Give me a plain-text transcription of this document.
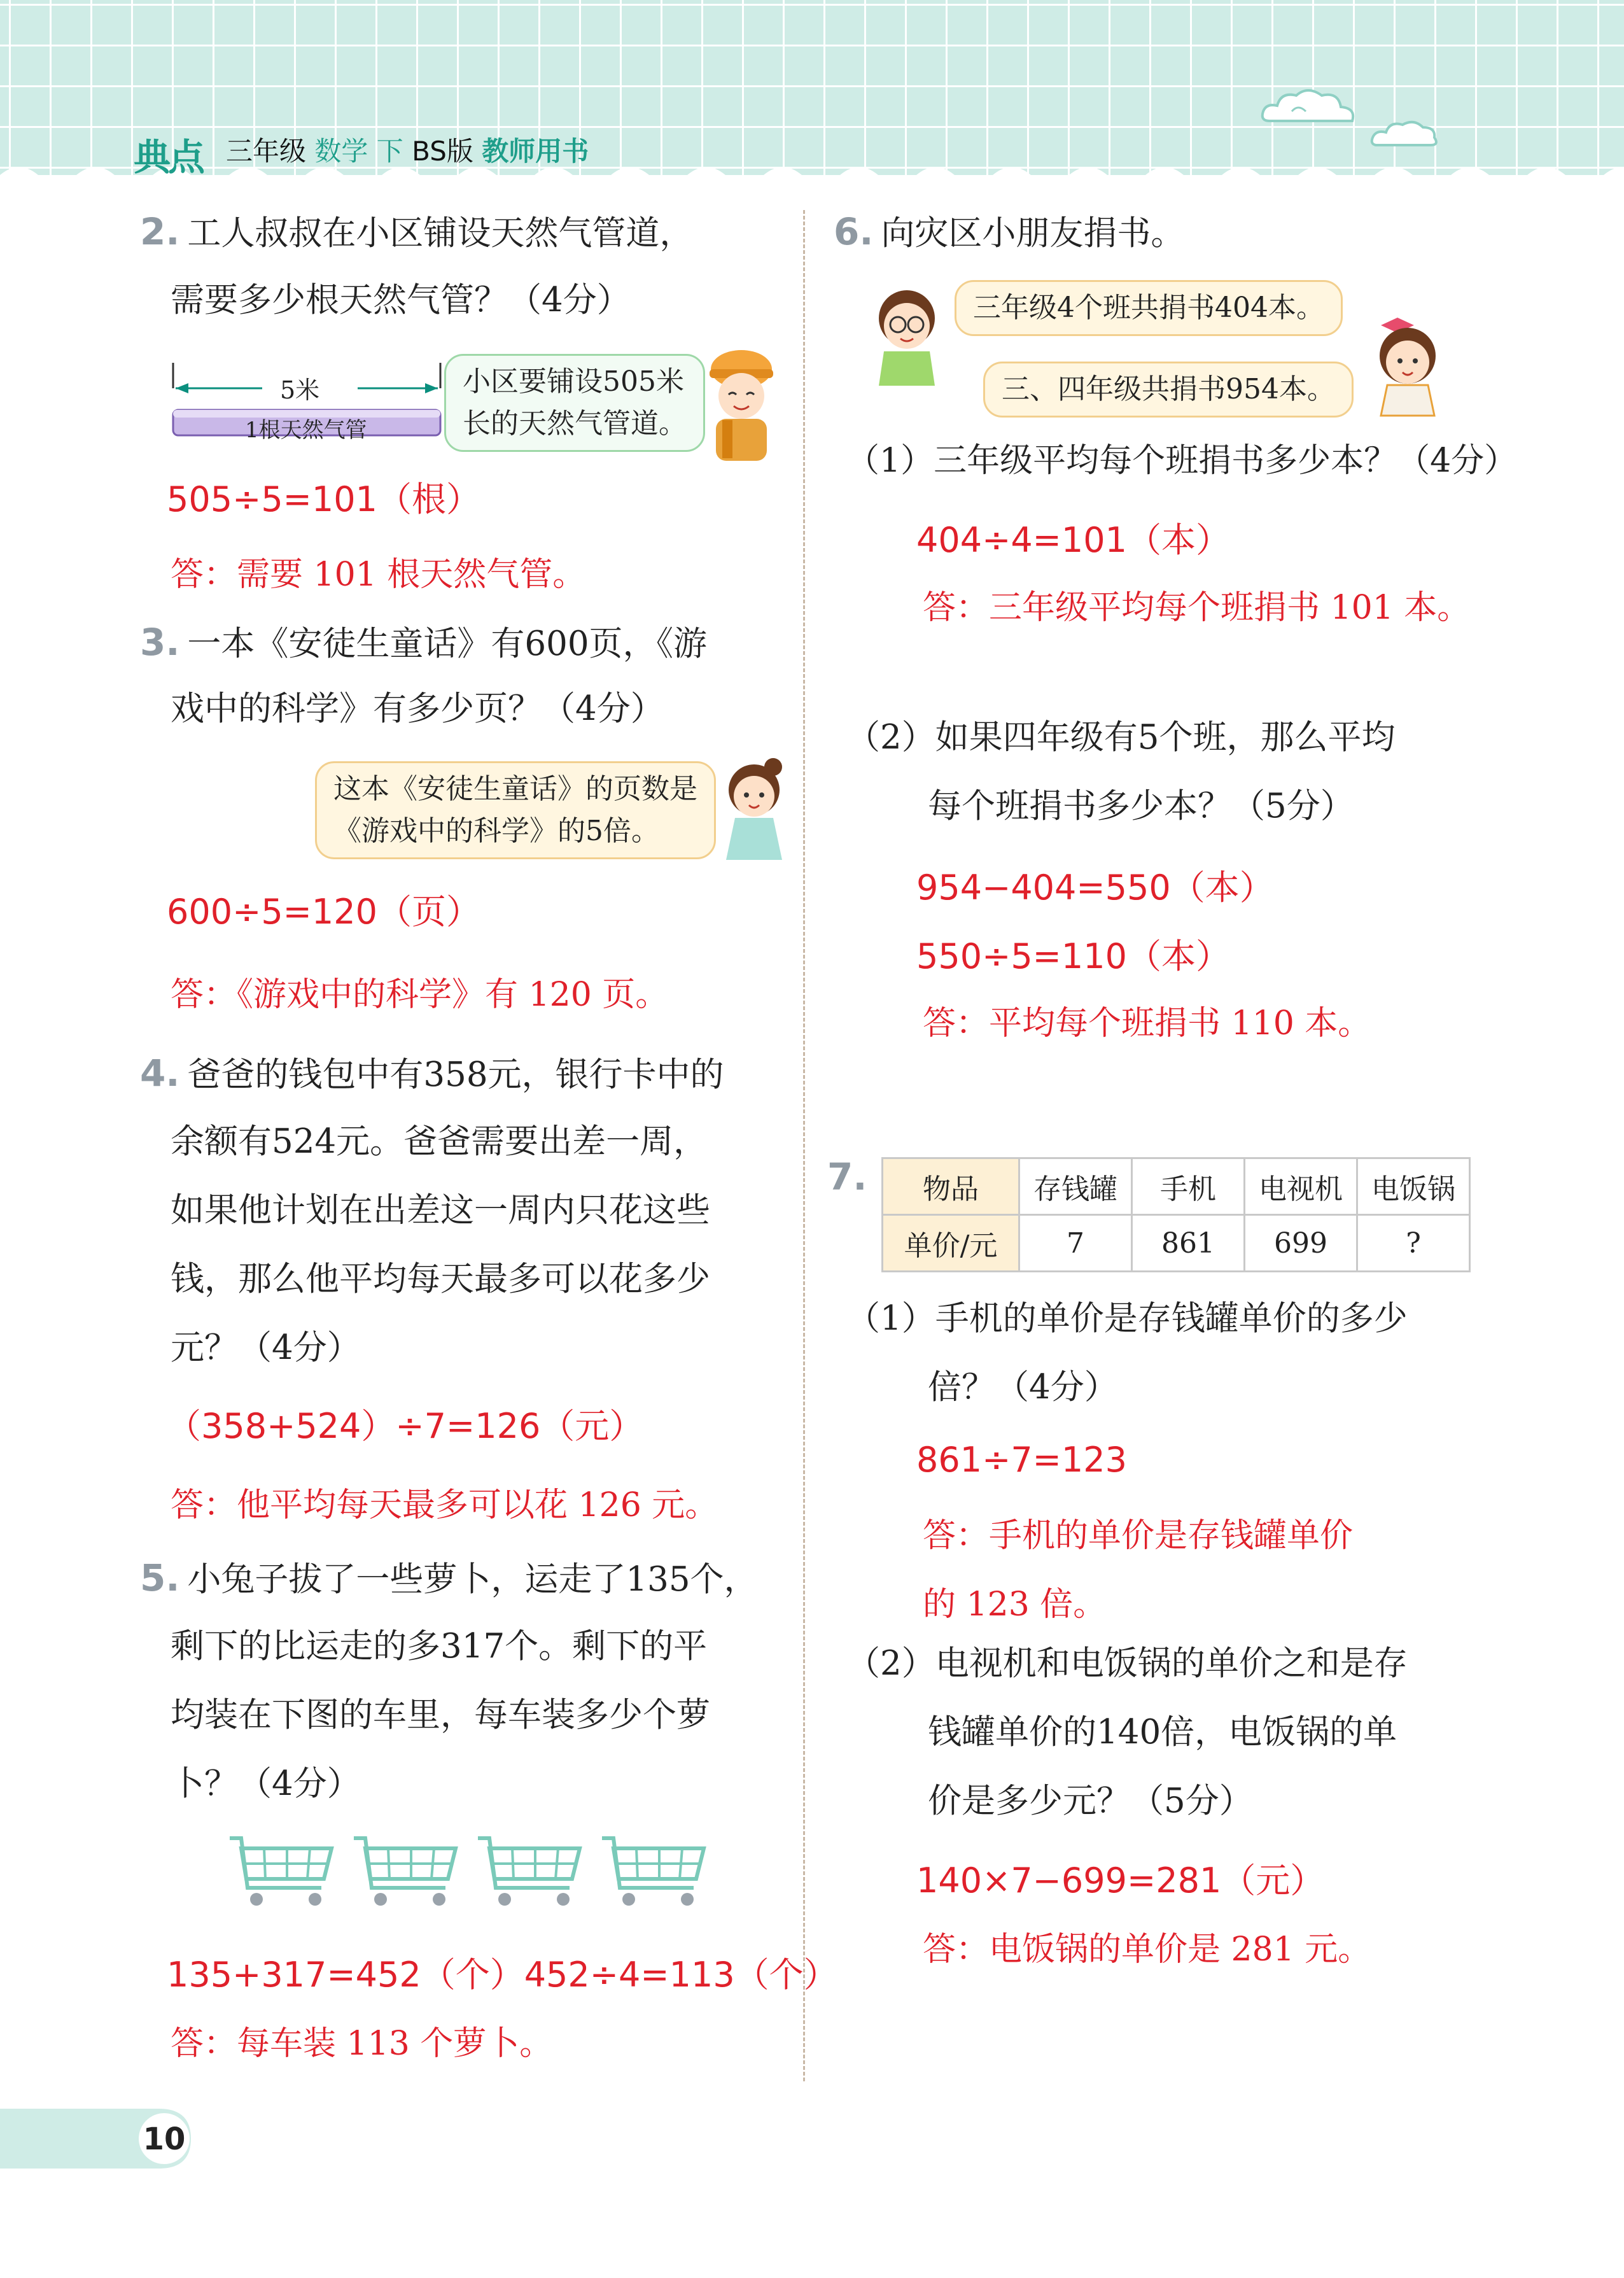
典点 三年级 数学 下 BS版 教师用书
2. 工人叔叔在小区铺设天然气管道，
需要多少根天然气管？（4分）
5米
1根天然气管
小区要铺设505米
长的天然气管道。
505÷5=101（根）
答：需要 101 根天然气管。
3. 一本《安徒生童话》有600页，《游
戏中的科学》有多少页？（4分）
这本《安徒生童话》的页数是
《游戏中的科学》的5倍。
600÷5=120（页）
答：《游戏中的科学》有 120 页。
4. 爸爸的钱包中有358元，银行卡中的
余额有524元。爸爸需要出差一周，
如果他计划在出差这一周内只花这些
钱，那么他平均每天最多可以花多少
元？（4分）
（358+524）÷7=126（元）
答：他平均每天最多可以花 126 元。
5. 小兔子拔了一些萝卜，运走了135个，
剩下的比运走的多317个。剩下的平
均装在下图的车里，每车装多少个萝
卜？（4分）
135+317=452（个）452÷4=113（个）
答：每车装 113 个萝卜。
6. 向灾区小朋友捐书。
三年级4个班共捐书404本。
三、四年级共捐书954本。
（1）三年级平均每个班捐书多少本？（4分）
404÷4=101（本）
答：三年级平均每个班捐书 101 本。
（2）如果四年级有5个班，那么平均
每个班捐书多少本？（5分）
954−404=550（本）
550÷5=110（本）
答：平均每个班捐书 110 本。
7. 物品	存钱罐	手机	电视机	电饭锅
单价/元	7	861	699	?
（1）手机的单价是存钱罐单价的多少
倍？（4分）
861÷7=123
答：手机的单价是存钱罐单价
的 123 倍。
（2）电视机和电饭锅的单价之和是存
钱罐单价的140倍，电饭锅的单
价是多少元？（5分）
140×7−699=281（元）
答：电饭锅的单价是 281 元。
10
